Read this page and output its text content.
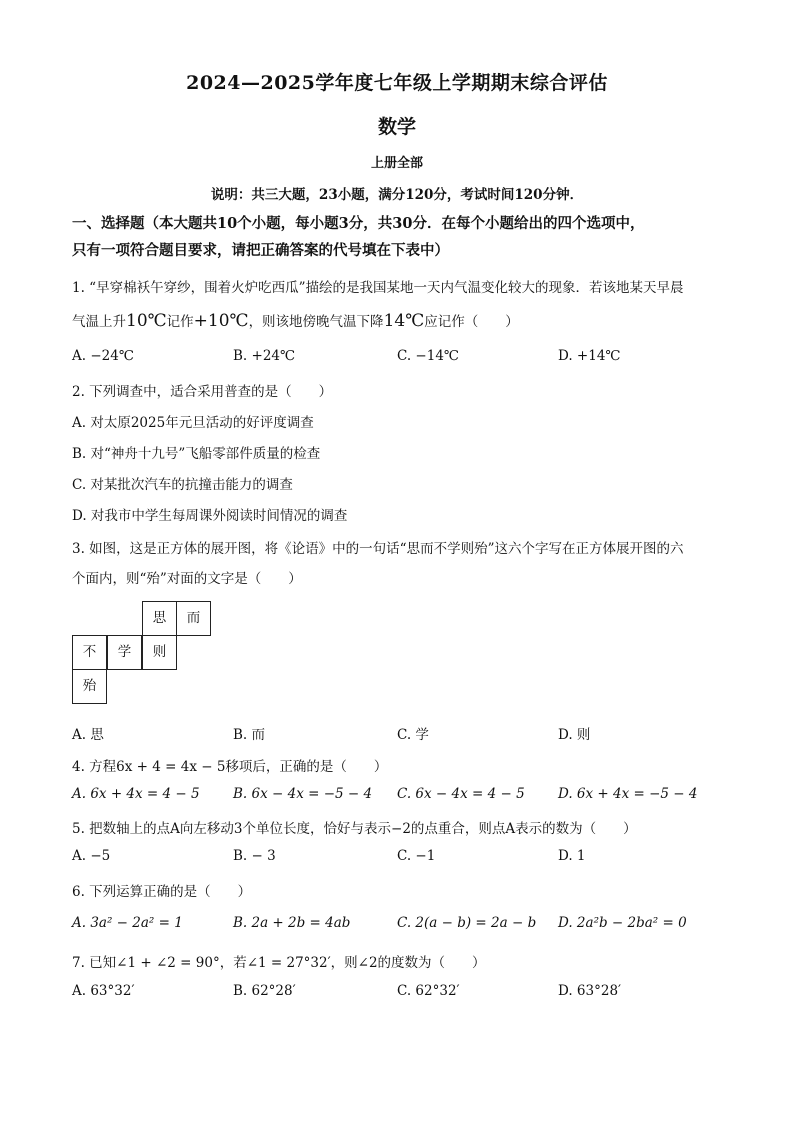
2024—2025学年度七年级上学期期末综合评估
数学
上册全部
说明：共三大题，23小题，满分120分，考试时间120分钟．
一、选择题（本大题共10个小题，每小题3分，共30分．在每个小题给出的四个选项中，
只有一项符合题目要求，请把正确答案的代号填在下表中）
1. “早穿棉袄午穿纱，围着火炉吃西瓜”描绘的是我国某地一天内气温变化较大的现象．若该地某天早晨
气温上升10℃记作+10℃，则该地傍晚气温下降14℃应记作（　　）
A. −24℃	B. +24℃	C. −14℃	D. +14℃
2. 下列调查中，适合采用普查的是（　　）
A. 对太原2025年元旦活动的好评度调查
B. 对“神舟十九号”飞船零部件质量的检查
C. 对某批次汽车的抗撞击能力的调查
D. 对我市中学生每周课外阅读时间情况的调查
3. 如图，这是正方体的展开图，将《论语》中的一句话“思而不学则殆”这六个字写在正方体展开图的六
个面内，则“殆”对面的文字是（　　）
思	而
不	学	则
殆
A. 思	B. 而	C. 学	D. 则
4. 方程6x + 4 = 4x − 5移项后，正确的是（　　）
A. 6x + 4x = 4 − 5 B. 6x − 4x = −5 − 4 C. 6x − 4x = 4 − 5 D. 6x + 4x = −5 − 4
5. 把数轴上的点A向左移动3个单位长度，恰好与表示−2的点重合，则点A表示的数为（　　）
A. −5	B. − 3	C. −1	D. 1
6. 下列运算正确的是（　　）
A. 3a² − 2a² = 1	B. 2a + 2b = 4ab	C. 2(a − b) = 2a − b D. 2a²b − 2ba² = 0
7. 已知∠1 + ∠2 = 90°，若∠1 = 27°32′，则∠2的度数为（　　）
A. 63°32′	B. 62°28′	C. 62°32′	D. 63°28′
